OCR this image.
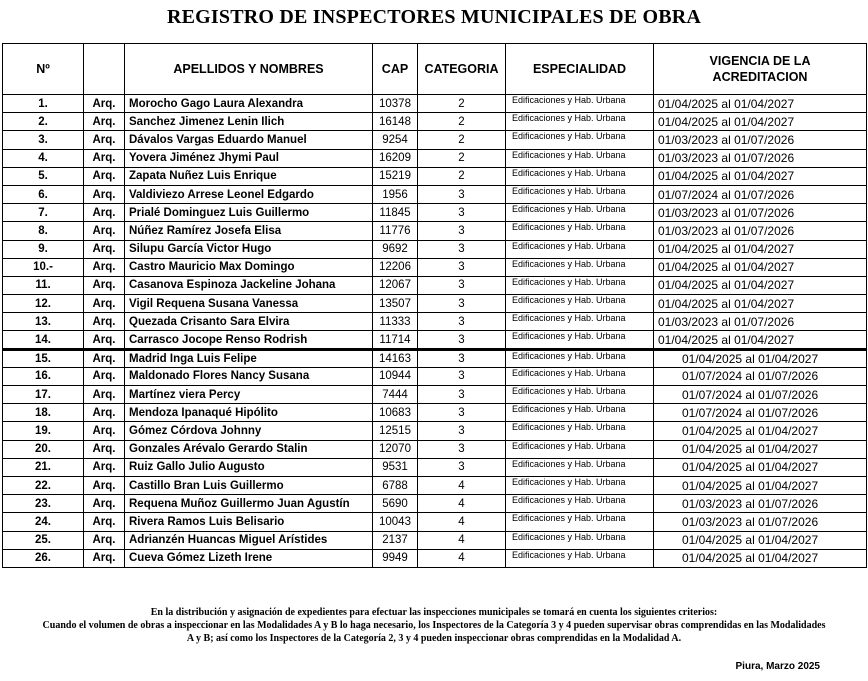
REGISTRO DE INSPECTORES MUNICIPALES DE OBRA
Nº		APELLIDOS Y NOMBRES	CAP	CATEGORIA	ESPECIALIDAD	VIGENCIA DE LA
ACREDITACION
1.	Arq.	Morocho Gago Laura Alexandra	10378	2	Edificaciones y Hab. Urbana	01/04/2025 al 01/04/2027
2.	Arq.	Sanchez Jimenez Lenin Ilich	16148	2	Edificaciones y Hab. Urbana	01/04/2025 al 01/04/2027
3.	Arq.	Dávalos Vargas Eduardo Manuel	9254	2	Edificaciones y Hab. Urbana	01/03/2023 al 01/07/2026
4.	Arq.	Yovera Jiménez Jhymi Paul	16209	2	Edificaciones y Hab. Urbana	01/03/2023 al 01/07/2026
5.	Arq.	Zapata Nuñez Luis Enrique	15219	2	Edificaciones y Hab. Urbana	01/04/2025 al 01/04/2027
6.	Arq.	Valdiviezo Arrese Leonel Edgardo	1956	3	Edificaciones y Hab. Urbana	01/07/2024 al 01/07/2026
7.	Arq.	Prialé Dominguez Luis Guillermo	11845	3	Edificaciones y Hab. Urbana	01/03/2023 al 01/07/2026
8.	Arq.	Núñez Ramírez Josefa Elisa	11776	3	Edificaciones y Hab. Urbana	01/03/2023 al 01/07/2026
9.	Arq.	Silupu García Victor Hugo	9692	3	Edificaciones y Hab. Urbana	01/04/2025 al 01/04/2027
10.-	Arq.	Castro Mauricio Max Domingo	12206	3	Edificaciones y Hab. Urbana	01/04/2025 al 01/04/2027
11.	Arq.	Casanova Espinoza Jackeline Johana	12067	3	Edificaciones y Hab. Urbana	01/04/2025 al 01/04/2027
12.	Arq.	Vigil Requena Susana Vanessa	13507	3	Edificaciones y Hab. Urbana	01/04/2025 al 01/04/2027
13.	Arq.	Quezada Crisanto Sara Elvira	11333	3	Edificaciones y Hab. Urbana	01/03/2023 al 01/07/2026
14.	Arq.	Carrasco Jocope Renso Rodrish	11714	3	Edificaciones y Hab. Urbana	01/04/2025 al 01/04/2027
15.	Arq.	Madrid Inga Luis Felipe	14163	3	Edificaciones y Hab. Urbana	01/04/2025 al 01/04/2027
16.	Arq.	Maldonado Flores Nancy Susana	10944	3	Edificaciones y Hab. Urbana	01/07/2024 al 01/07/2026
17.	Arq.	Martínez viera Percy	7444	3	Edificaciones y Hab. Urbana	01/07/2024 al 01/07/2026
18.	Arq.	Mendoza Ipanaqué Hipólito	10683	3	Edificaciones y Hab. Urbana	01/07/2024 al 01/07/2026
19.	Arq.	Gómez Córdova Johnny	12515	3	Edificaciones y Hab. Urbana	01/04/2025 al 01/04/2027
20.	Arq.	Gonzales Arévalo Gerardo Stalin	12070	3	Edificaciones y Hab. Urbana	01/04/2025 al 01/04/2027
21.	Arq.	Ruiz Gallo Julio Augusto	9531	3	Edificaciones y Hab. Urbana	01/04/2025 al 01/04/2027
22.	Arq.	Castillo Bran Luis Guillermo	6788	4	Edificaciones y Hab. Urbana	01/04/2025 al 01/04/2027
23.	Arq.	Requena Muñoz Guillermo Juan Agustín	5690	4	Edificaciones y Hab. Urbana	01/03/2023 al 01/07/2026
24.	Arq.	Rivera Ramos Luis Belisario	10043	4	Edificaciones y Hab. Urbana	01/03/2023 al 01/07/2026
25.	Arq.	Adrianzén Huancas Miguel Arístides	2137	4	Edificaciones y Hab. Urbana	01/04/2025 al 01/04/2027
26.	Arq.	Cueva Gómez Lizeth Irene	9949	4	Edificaciones y Hab. Urbana	01/04/2025 al 01/04/2027
En la distribución y asignación de expedientes para efectuar las inspecciones municipales se tomará en cuenta los siguientes criterios:
Cuando el volumen de obras a inspeccionar en las Modalidades A y B lo haga necesario, los Inspectores de la Categoría 3 y 4 pueden supervisar obras comprendidas en las Modalidades
A y B; así como los Inspectores de la Categoría 2, 3 y 4 pueden inspeccionar obras comprendidas en la Modalidad A.
Piura, Marzo 2025
